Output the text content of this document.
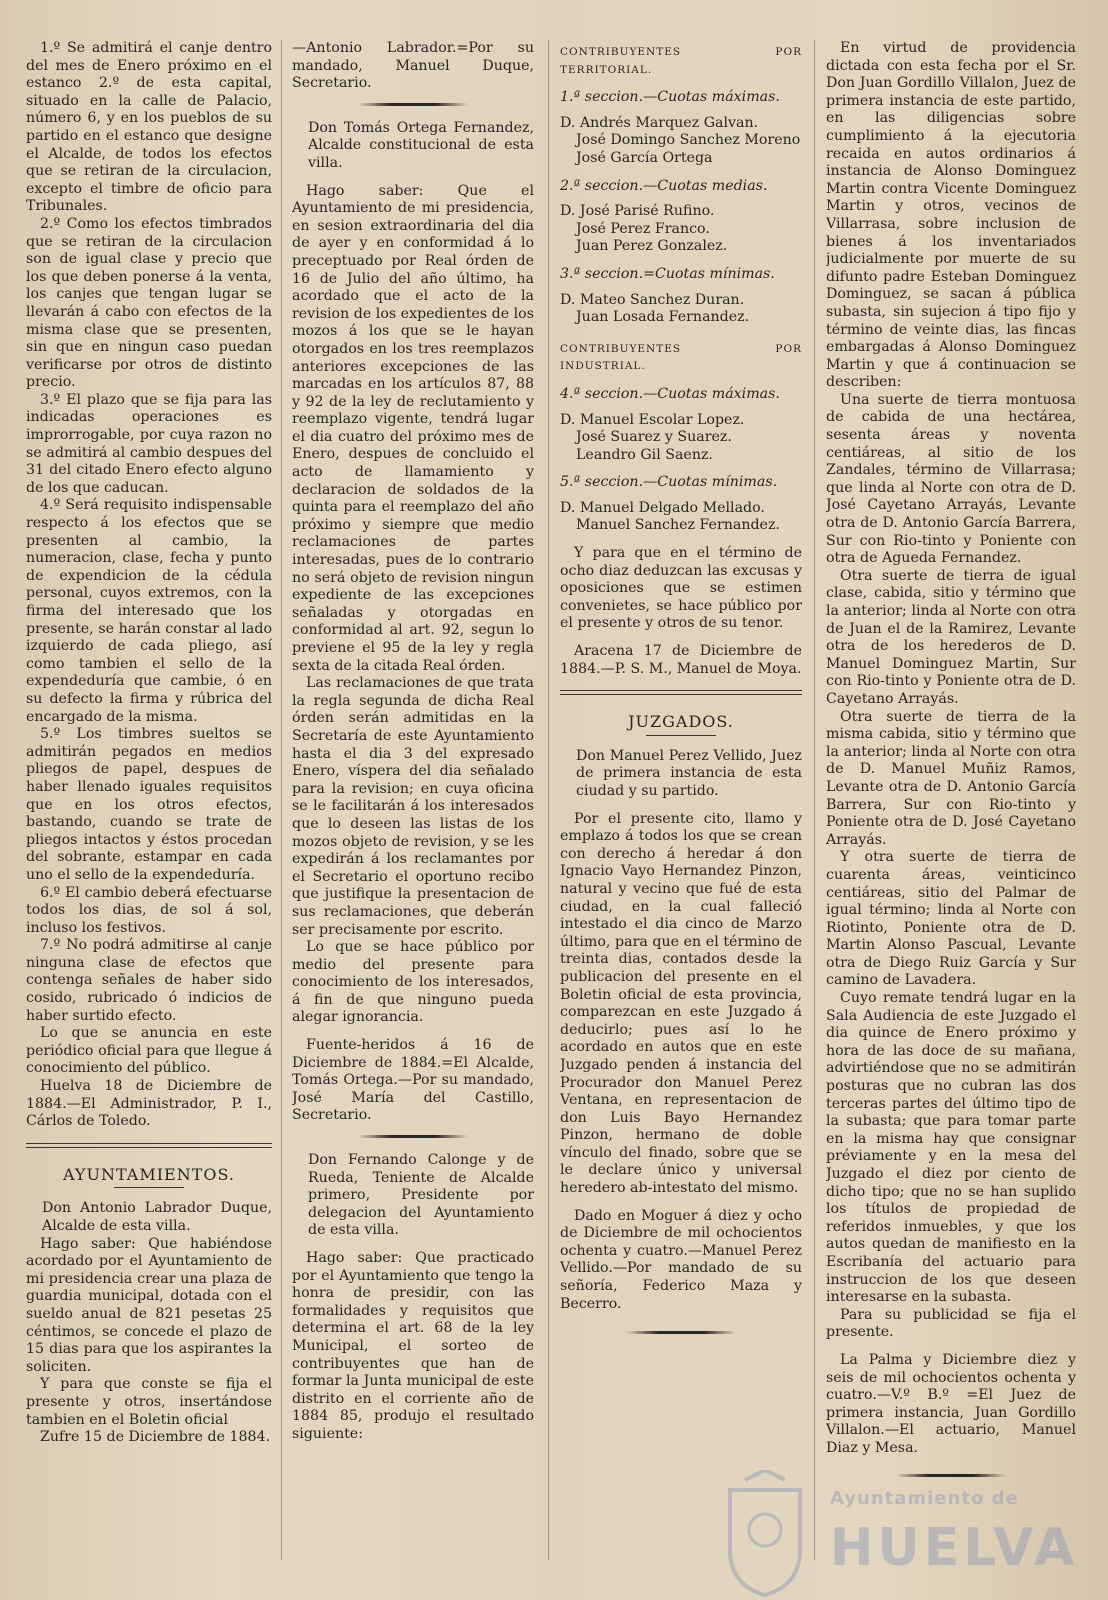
1.º Se admitirá el canje dentro del mes de Enero próximo en el estanco 2.º de esta capital, situado en la calle de Palacio, número 6, y en los pueblos de su partido en el estanco que designe el Alcalde, de todos los efectos que se retiran de la circulacion, excepto el timbre de oficio para Tribunales.

2.º Como los efectos timbrados que se retiran de la circulacion son de igual clase y precio que los que deben ponerse á la venta, los canjes que tengan lugar se llevarán á cabo con efectos de la misma clase que se presenten, sin que en ningun caso puedan verificarse por otros de distinto precio.

3.º El plazo que se fija para las indicadas operaciones es improrrogable, por cuya razon no se admitirá al cambio despues del 31 del citado Enero efecto alguno de los que caducan.

4.º Será requisito indispensable respecto á los efectos que se presenten al cambio, la numeracion, clase, fecha y punto de expendicion de la cédula personal, cuyos extremos, con la firma del interesado que los presente, se harán constar al lado izquierdo de cada pliego, así como tambien el sello de la expendeduría que cambie, ó en su defecto la firma y rúbrica del encargado de la misma.

5.º Los timbres sueltos se admitirán pegados en medios pliegos de papel, despues de haber llenado iguales requisitos que en los otros efectos, bastando, cuando se trate de pliegos intactos y éstos procedan del sobrante, estampar en cada uno el sello de la expendeduría.

6.º El cambio deberá efectuarse todos los dias, de sol á sol, incluso los festivos.

7.º No podrá admitirse al canje ninguna clase de efectos que contenga señales de haber sido cosido, rubricado ó indicios de haber surtido efecto.

Lo que se anuncia en este periódico oficial para que llegue á conocimiento del público.

Huelva 18 de Diciembre de 1884.—El Administrador, P. I., Cárlos de Toledo.

AYUNTAMIENTOS.

Don Antonio Labrador Duque, Alcalde de esta villa.

Hago saber: Que habiéndose acordado por el Ayuntamiento de mi presidencia crear una plaza de guardia municipal, dotada con el sueldo anual de 821 pesetas 25 céntimos, se concede el plazo de 15 dias para que los aspirantes la soliciten.

Y para que conste se fija el presente y otros, insertándose tambien en el Boletin oficial

Zufre 15 de Diciembre de 1884.

—Antonio Labrador.=Por su mandado, Manuel Duque, Secretario.

Don Tomás Ortega Fernandez, Alcalde constitucional de esta villa.

Hago saber: Que el Ayuntamiento de mi presidencia, en sesion extraordinaria del dia de ayer y en conformidad á lo preceptuado por Real órden de 16 de Julio del año último, ha acordado que el acto de la revision de los expedientes de los mozos á los que se le hayan otorgados en los tres reemplazos anteriores excepciones de las marcadas en los artículos 87, 88 y 92 de la ley de reclutamiento y reemplazo vigente, tendrá lugar el dia cuatro del próximo mes de Enero, despues de concluido el acto de llamamiento y declaracion de soldados de la quinta para el reemplazo del año próximo y siempre que medio reclamaciones de partes interesadas, pues de lo contrario no será objeto de revision ningun expediente de las excepciones señaladas y otorgadas en conformidad al art. 92, segun lo previene el 95 de la ley y regla sexta de la citada Real órden.

Las reclamaciones de que trata la regla segunda de dicha Real órden serán admitidas en la Secretaría de este Ayuntamiento hasta el dia 3 del expresado Enero, víspera del dia señalado para la revision; en cuya oficina se le facilitarán á los interesados que lo deseen las listas de los mozos objeto de revision, y se les expedirán á los reclamantes por el Secretario el oportuno recibo que justifique la presentacion de sus reclamaciones, que deberán ser precisamente por escrito.

Lo que se hace público por medio del presente para conocimiento de los interesados, á fin de que ninguno pueda alegar ignorancia.

Fuente-heridos á 16 de Diciembre de 1884.=El Alcalde, Tomás Ortega.—Por su mandado, José María del Castillo, Secretario.

Don Fernando Calonge y de Rueda, Teniente de Alcalde primero, Presidente por delegacion del Ayuntamiento de esta villa.

Hago saber: Que practicado por el Ayuntamiento que tengo la honra de presidir, con las formalidades y requisitos que determina el art. 68 de la ley Municipal, el sorteo de contribuyentes que han de formar la Junta municipal de este distrito en el corriente año de 1884 85, produjo el resultado siguiente:

CONTRIBUYENTES POR TERRITORIAL.

1.ª seccion.—Cuotas máximas.

D. Andrés Marquez Galvan.

José Domingo Sanchez Moreno

José García Ortega

2.ª seccion.—Cuotas medias.

D. José Parisé Rufino.

José Perez Franco.

Juan Perez Gonzalez.

3.ª seccion.=Cuotas mínimas.

D. Mateo Sanchez Duran.

Juan Losada Fernandez.

CONTRIBUYENTES POR INDUSTRIAL.

4.ª seccion.—Cuotas máximas.

D. Manuel Escolar Lopez.

José Suarez y Suarez.

Leandro Gil Saenz.

5.ª seccion.—Cuotas mínimas.

D. Manuel Delgado Mellado.

Manuel Sanchez Fernandez.

Y para que en el término de ocho diaz deduzcan las excusas y oposiciones que se estimen convenietes, se hace público por el presente y otros de su tenor.

Aracena 17 de Diciembre de 1884.—P. S. M., Manuel de Moya.

JUZGADOS.

Don Manuel Perez Vellido, Juez de primera instancia de esta ciudad y su partido.

Por el presente cito, llamo y emplazo á todos los que se crean con derecho á heredar á don Ignacio Vayo Hernandez Pinzon, natural y vecino que fué de esta ciudad, en la cual falleció intestado el dia cinco de Marzo último, para que en el término de treinta dias, contados desde la publicacion del presente en el Boletin oficial de esta provincia, comparezcan en este Juzgado á deducirlo; pues así lo he acordado en autos que en este Juzgado penden á instancia del Procurador don Manuel Perez Ventana, en representacion de don Luis Bayo Hernandez Pinzon, hermano de doble vínculo del finado, sobre que se le declare único y universal heredero ab-intestato del mismo.

Dado en Moguer á diez y ocho de Diciembre de mil ochocientos ochenta y cuatro.—Manuel Perez Vellido.—Por mandado de su señoría, Federico Maza y Becerro.

En virtud de providencia dictada con esta fecha por el Sr. Don Juan Gordillo Villalon, Juez de primera instancia de este partido, en las diligencias sobre cumplimiento á la ejecutoria recaida en autos ordinarios á instancia de Alonso Dominguez Martin contra Vicente Dominguez Martin y otros, vecinos de Villarrasa, sobre inclusion de bienes á los inventariados judicialmente por muerte de su difunto padre Esteban Dominguez Dominguez, se sacan á pública subasta, sin sujecion á tipo fijo y término de veinte dias, las fincas embargadas á Alonso Dominguez Martin y que á continuacion se describen:

Una suerte de tierra montuosa de cabida de una hectárea, sesenta áreas y noventa centiáreas, al sitio de los Zandales, término de Villarrasa; que linda al Norte con otra de D. José Cayetano Arrayás, Levante otra de D. Antonio García Barrera, Sur con Rio-tinto y Poniente con otra de Agueda Fernandez.

Otra suerte de tierra de igual clase, cabida, sitio y término que la anterior; linda al Norte con otra de Juan el de la Ramirez, Levante otra de los herederos de D. Manuel Dominguez Martin, Sur con Rio-tinto y Poniente otra de D. Cayetano Arrayás.

Otra suerte de tierra de la misma cabida, sitio y término que la anterior; linda al Norte con otra de D. Manuel Muñiz Ramos, Levante otra de D. Antonio García Barrera, Sur con Rio-tinto y Poniente otra de D. José Cayetano Arrayás.

Y otra suerte de tierra de cuarenta áreas, veinticinco centiáreas, sitio del Palmar de igual término; linda al Norte con Riotinto, Poniente otra de D. Martin Alonso Pascual, Levante otra de Diego Ruiz García y Sur camino de Lavadera.

Cuyo remate tendrá lugar en la Sala Audiencia de este Juzgado el dia quince de Enero próximo y hora de las doce de su mañana, advirtiéndose que no se admitirán posturas que no cubran las dos terceras partes del último tipo de la subasta; que para tomar parte en la misma hay que consignar préviamente y en la mesa del Juzgado el diez por ciento de dicho tipo; que no se han suplido los títulos de propiedad de referidos inmuebles, y que los autos quedan de manifiesto en la Escribanía del actuario para instruccion de los que deseen interesarse en la subasta.

Para su publicidad se fija el presente.

La Palma y Diciembre diez y seis de mil ochocientos ochenta y cuatro.—V.º B.º =El Juez de primera instancia, Juan Gordillo Villalon.—El actuario, Manuel Diaz y Mesa.

Ayuntamiento de
HUELVA
